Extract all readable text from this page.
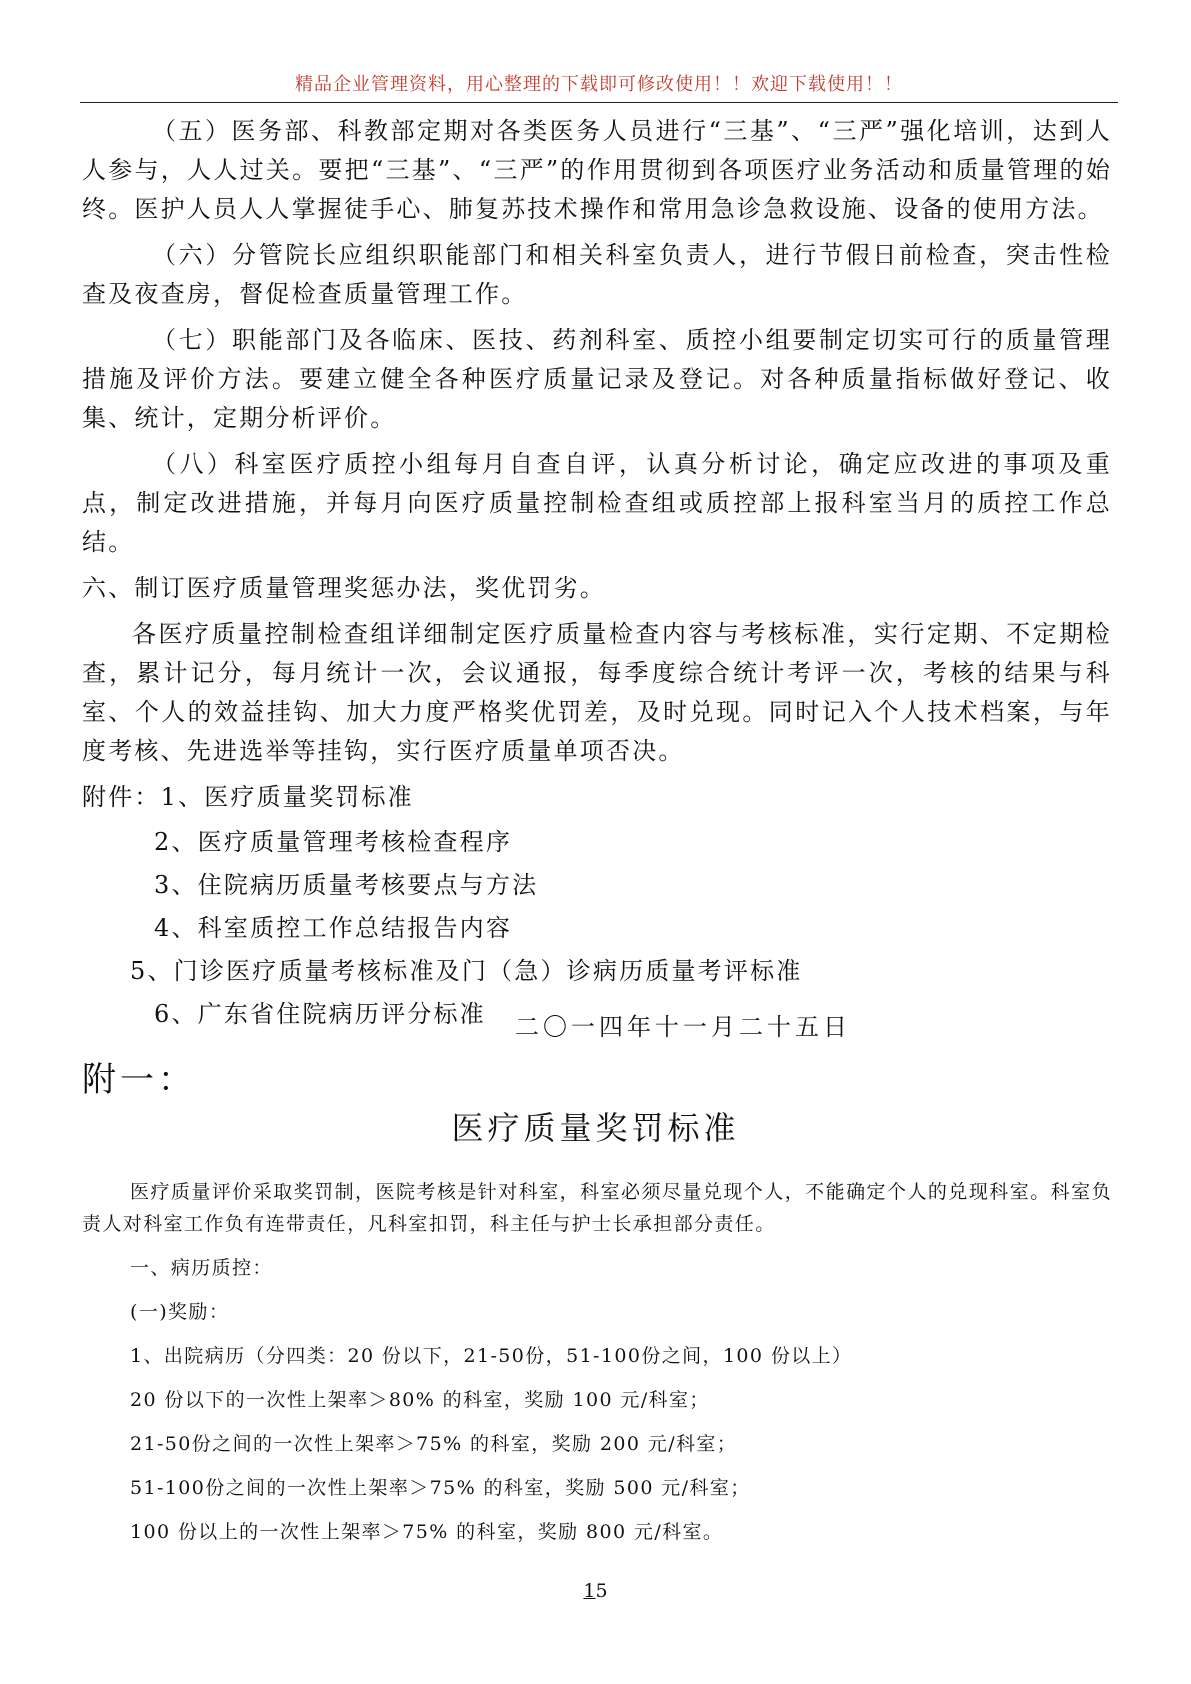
精品企业管理资料，用心整理的下载即可修改使用！！欢迎下载使用！！

（五）医务部、科教部定期对各类医务人员进行“三基”、“三严”强化培训，达到人人参与，人人过关。要把“三基”、“三严”的作用贯彻到各项医疗业务活动和质量管理的始终。医护人员人人掌握徒手心、肺复苏技术操作和常用急诊急救设施、设备的使用方法。

（六）分管院长应组织职能部门和相关科室负责人，进行节假日前检查，突击性检查及夜查房，督促检查质量管理工作。

（七）职能部门及各临床、医技、药剂科室、质控小组要制定切实可行的质量管理措施及评价方法。要建立健全各种医疗质量记录及登记。对各种质量指标做好登记、收集、统计，定期分析评价。

（八）科室医疗质控小组每月自查自评，认真分析讨论，确定应改进的事项及重点，制定改进措施，并每月向医疗质量控制检查组或质控部上报科室当月的质控工作总结。

六、制订医疗质量管理奖惩办法，奖优罚劣。

各医疗质量控制检查组详细制定医疗质量检查内容与考核标准，实行定期、不定期检查，累计记分，每月统计一次，会议通报，每季度综合统计考评一次，考核的结果与科室、个人的效益挂钩、加大力度严格奖优罚差，及时兑现。同时记入个人技术档案，与年度考核、先进选举等挂钩，实行医疗质量单项否决。

附件：1、医疗质量奖罚标准

2、医疗质量管理考核检查程序

3、住院病历质量考核要点与方法

4、科室质控工作总结报告内容

5、门诊医疗质量考核标准及门（急）诊病历质量考评标准

6、广东省住院病历评分标准	二〇一四年十一月二十五日
附一：
医疗质量奖罚标准

医疗质量评价采取奖罚制，医院考核是针对科室，科室必须尽量兑现个人，不能确定个人的兑现科室。科室负责人对科室工作负有连带责任，凡科室扣罚，科主任与护士长承担部分责任。

一、病历质控：

(一)奖励：

1、出院病历（分四类：20 份以下，21-50份，51-100份之间，100 份以上）

20 份以下的一次性上架率＞80% 的科室，奖励 100 元/科室；

21-50份之间的一次性上架率＞75% 的科室，奖励 200 元/科室；

51-100份之间的一次性上架率＞75% 的科室，奖励 500 元/科室；

100 份以上的一次性上架率＞75% 的科室，奖励 800 元/科室。

15
